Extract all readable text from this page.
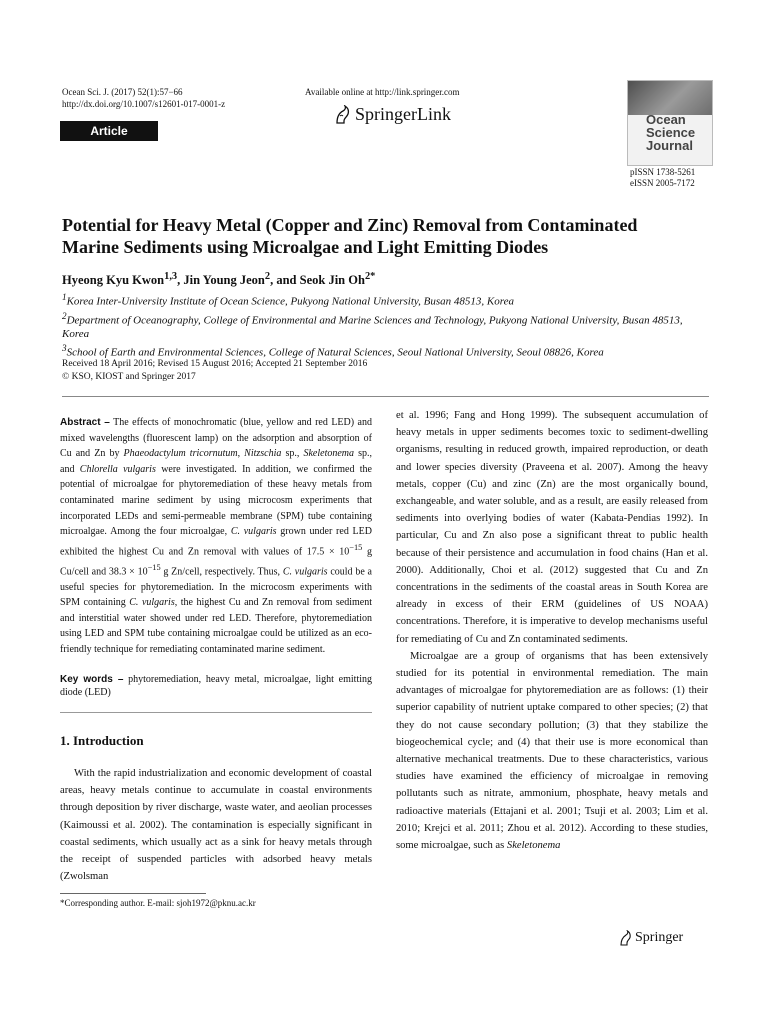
Ocean Sci. J. (2017) 52(1):57−66
http://dx.doi.org/10.1007/s12601-017-0001-z
Available online at http://link.springer.com
SpringerLink
Article
Ocean
Science
Journal
pISSN 1738-5261
eISSN 2005-7172
Potential for Heavy Metal (Copper and Zinc) Removal from Contaminated
Marine Sediments using Microalgae and Light Emitting Diodes
Hyeong Kyu Kwon$^{1,3}$, Jin Young Jeon$^2$, and Seok Jin $Oh^{2*}$

$^1$Korea Inter-University Institute of Ocean Science, Pukyong National University, Busan 48513, Korea

$^2$Department of Oceanography, College of Environmental and Marine Sciences and Technology, Pukyong National University, Busan 48513, Korea

$^3$School of Earth and Environmental Sciences, College of Natural Sciences, Seoul National University, Seoul 08826, Korea

Received 18 April 2016; Revised 15 August 2016; Accepted 21 September 2016
© KSO, KIOST and Springer 2017

Abstract – The effects of monochromatic (blue, yellow and red LED) and mixed wavelengths (fluorescent lamp) on the adsorption and absorption of Cu and Zn by Phaeodactylum tricornutum, Nitzschia sp., Skeletonema sp., and Chlorella vulgaris were investigated. In addition, we confirmed the potential of microalgae for phytoremediation of these heavy metals from contaminated marine sediment by using microcosm experiments that incorporated LEDs and semi-permeable membrane (SPM) tube containing microalgae. Among the four microalgae, C. vulgaris grown under red LED exhibited the highest Cu and Zn removal with values of $17.5 \times 10^{-15}$ g Cu/cell and $38.3 \times 10^{-15}$ g Zn/cell, respectively. Thus, C. vulgaris could be a useful species for phytoremediation. In the microcosm experiments with SPM containing C. vulgaris, the highest Cu and Zn removal from sediment and interstitial water showed under red LED. Therefore, phytoremediation using LED and SPM tube containing microalgae could be utilized as an eco-friendly technique for remediating contaminated marine sediment.

Key words – phytoremediation, heavy metal, microalgae, light emitting diode (LED)

1. Introduction

With the rapid industrialization and economic development of coastal areas, heavy metals continue to accumulate in coastal environments through deposition by river discharge, waste water, and aeolian processes (Kaimoussi et al. 2002). The contamination is especially significant in coastal sediments, which usually act as a sink for heavy metals through the receipt of suspended particles with adsorbed heavy metals (Zwolsman

*Corresponding author. E-mail: sjoh1972@pknu.ac.kr

et al. 1996; Fang and Hong 1999). The subsequent accumulation of heavy metals in upper sediments becomes toxic to sediment-dwelling organisms, resulting in reduced growth, impaired reproduction, or death and lower species diversity (Praveena et al. 2007). Among the heavy metals, copper (Cu) and zinc (Zn) are the most organically bound, exchangeable, and water soluble, and as a result, are easily released from sediments into overlying bodies of water (Kabata-Pendias 1992). In particular, Cu and Zn also pose a significant threat to public health because of their persistence and accumulation in food chains (Han et al. 2000). Additionally, Choi et al. (2012) suggested that Cu and Zn concentrations in the sediments of the coastal areas in South Korea are already in excess of their ERM (guidelines of US NOAA) concentrations. Therefore, it is imperative to develop mechanisms useful for remediating of Cu and Zn contaminated sediments.

Microalgae are a group of organisms that has been extensively studied for its potential in environmental remediation. The main advantages of microalgae for phytoremediation are as follows: (1) their superior capability of nutrient uptake compared to other species; (2) that they do not cause secondary pollution; (3) that they stabilize the biogeochemical cycle; and (4) that their use is more economical than alternative mechanical treatments. Due to these characteristics, various studies have examined the efficiency of microalgae in removing pollutants such as nitrate, ammonium, phosphate, heavy metals and radioactive materials (Ettajani et al. 2001; Tsuji et al. 2003; Lim et al. 2010; Krejci et al. 2011; Zhou et al. 2012). According to these studies, some microalgae, such as Skeletonema

Springer
